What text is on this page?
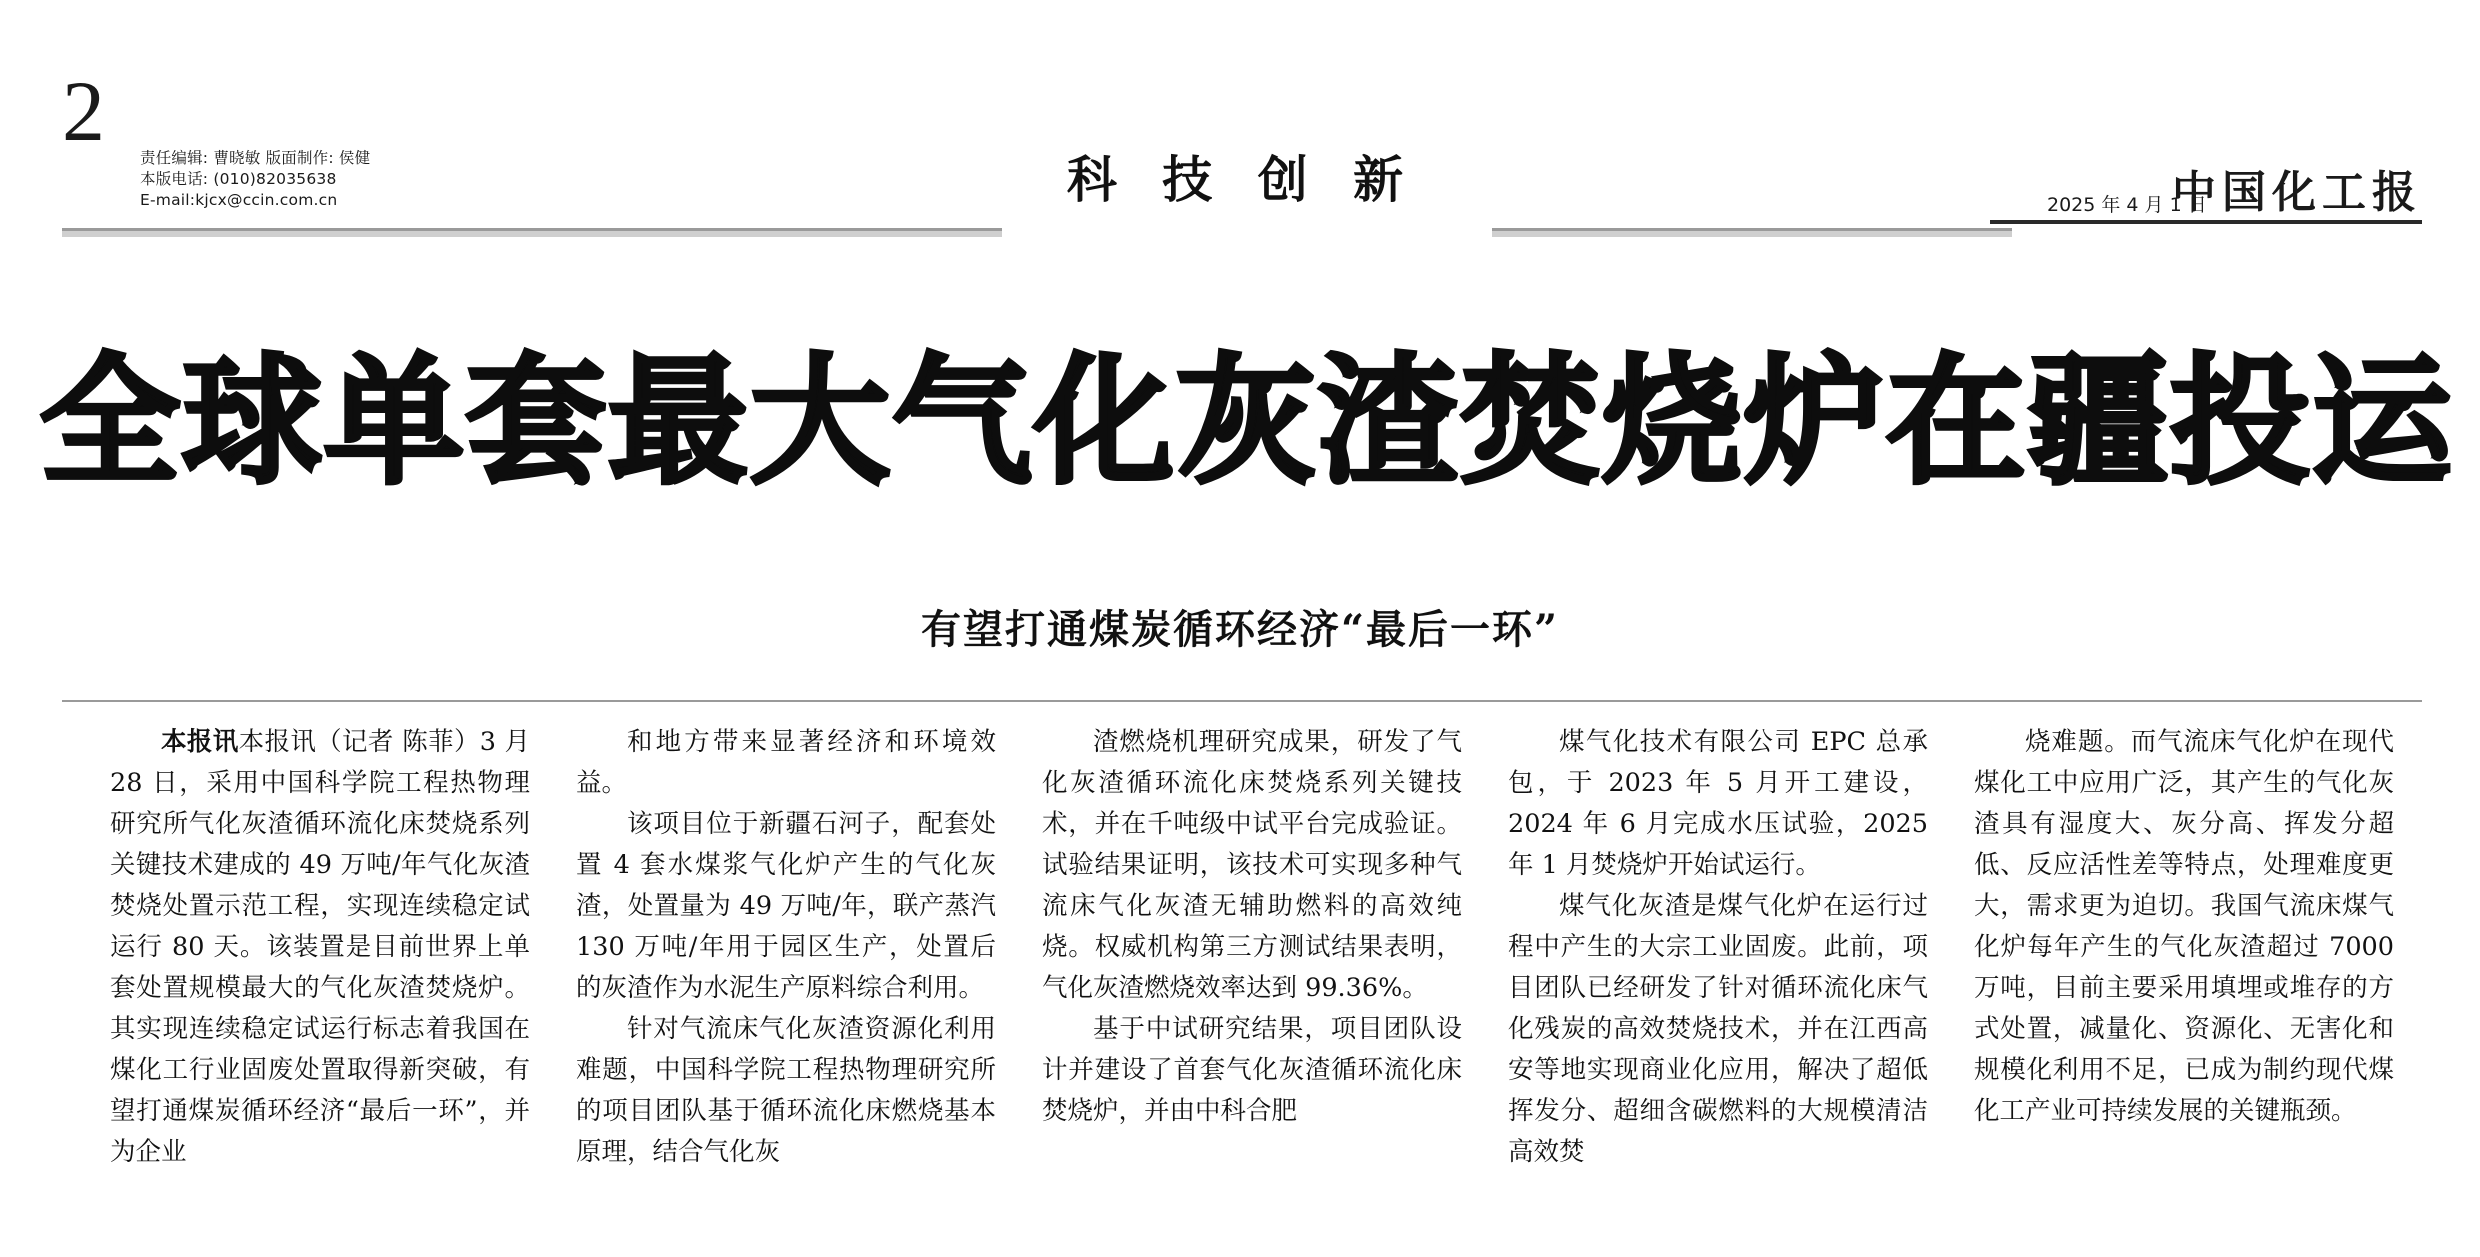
2 责任编辑: 曹晓敏 版面制作: 侯健
本版电话: (010)82035638
E-mail:kjcx@ccin.com.cn	科 技 创 新	2025 年 4 月 1 日
中国化工报
全球单套最大气化灰渣焚烧炉在疆投运
有望打通煤炭循环经济“最后一环”

本报讯本报讯（记者 陈菲）3 月 28 日，采用中国科学院工程热物理研究所气化灰渣循环流化床焚烧系列关键技术建成的 49 万吨/年气化灰渣焚烧处置示范工程，实现连续稳定试运行 80 天。该装置是目前世界上单套处置规模最大的气化灰渣焚烧炉。其实现连续稳定试运行标志着我国在煤化工行业固废处置取得新突破，有望打通煤炭循环经济“最后一环”，并为企业

和地方带来显著经济和环境效益。

该项目位于新疆石河子，配套处置 4 套水煤浆气化炉产生的气化灰渣，处置量为 49 万吨/年，联产蒸汽 130 万吨/年用于园区生产，处置后的灰渣作为水泥生产原料综合利用。

针对气流床气化灰渣资源化利用难题，中国科学院工程热物理研究所的项目团队基于循环流化床燃烧基本原理，结合气化灰

渣燃烧机理研究成果，研发了气化灰渣循环流化床焚烧系列关键技术，并在千吨级中试平台完成验证。试验结果证明，该技术可实现多种气流床气化灰渣无辅助燃料的高效纯烧。权威机构第三方测试结果表明，气化灰渣燃烧效率达到 99.36%。

基于中试研究结果，项目团队设计并建设了首套气化灰渣循环流化床焚烧炉，并由中科合肥

煤气化技术有限公司 EPC 总承包，于 2023 年 5 月开工建设，2024 年 6 月完成水压试验，2025 年 1 月焚烧炉开始试运行。

煤气化灰渣是煤气化炉在运行过程中产生的大宗工业固废。此前，项目团队已经研发了针对循环流化床气化残炭的高效焚烧技术，并在江西高安等地实现商业化应用，解决了超低挥发分、超细含碳燃料的大规模清洁高效焚

烧难题。而气流床气化炉在现代煤化工中应用广泛，其产生的气化灰渣具有湿度大、灰分高、挥发分超低、反应活性差等特点，处理难度更大，需求更为迫切。我国气流床煤气化炉每年产生的气化灰渣超过 7000 万吨，目前主要采用填埋或堆存的方式处置，减量化、资源化、无害化和规模化利用不足，已成为制约现代煤化工产业可持续发展的关键瓶颈。
